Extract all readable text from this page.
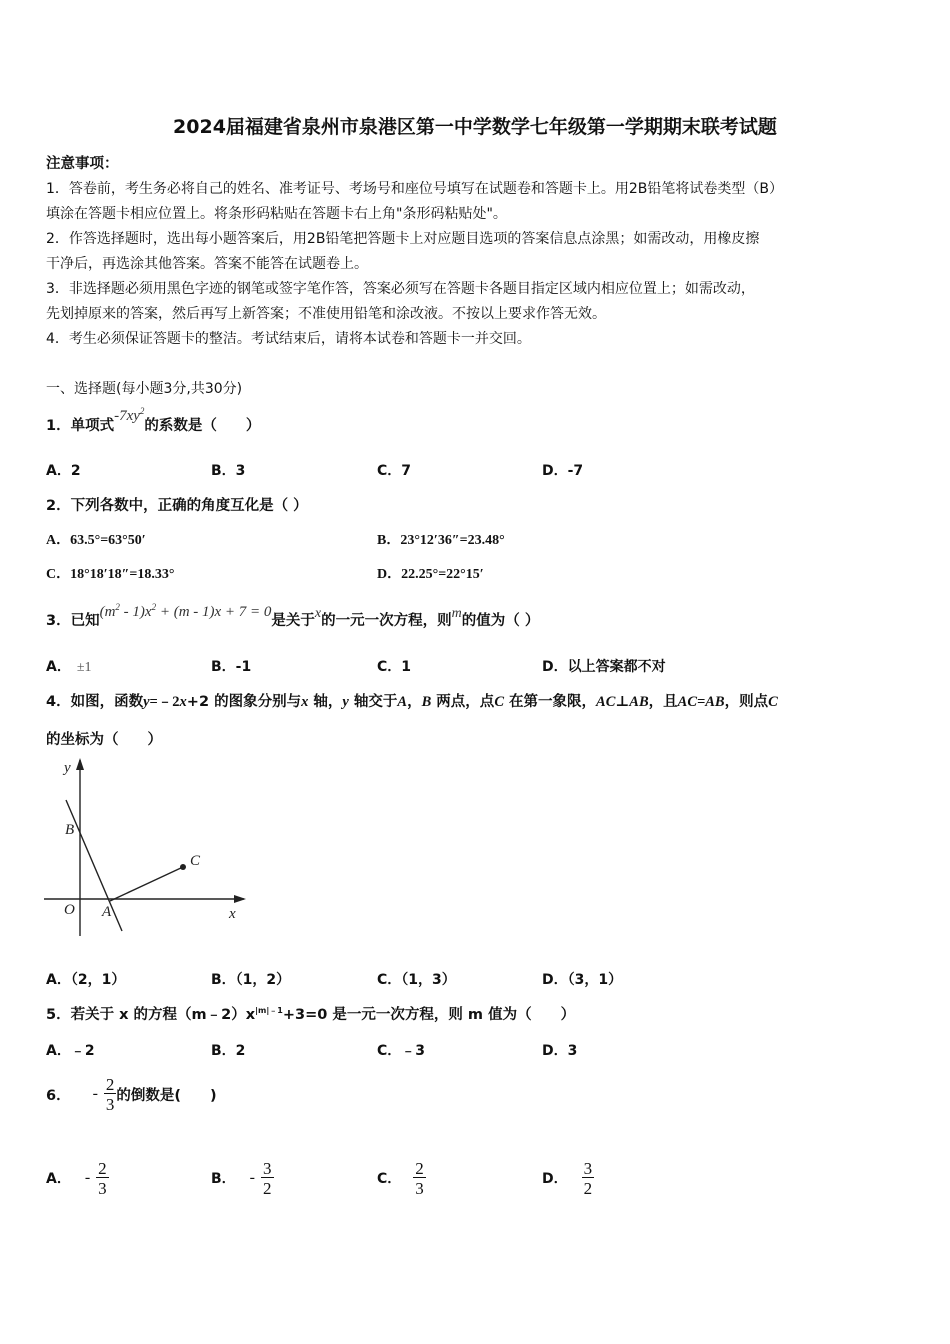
2024届福建省泉州市泉港区第一中学数学七年级第一学期期末联考试题
注意事项：
1．答卷前，考生务必将自己的姓名、准考证号、考场号和座位号填写在试题卷和答题卡上。用2B铅笔将试卷类型（B）
填涂在答题卡相应位置上。将条形码粘贴在答题卡右上角"条形码粘贴处"。
2．作答选择题时，选出每小题答案后，用2B铅笔把答题卡上对应题目选项的答案信息点涂黑；如需改动，用橡皮擦
干净后，再选涂其他答案。答案不能答在试题卷上。
3．非选择题必须用黑色字迹的钢笔或签字笔作答，答案必须写在答题卡各题目指定区域内相应位置上；如需改动，
先划掉原来的答案，然后再写上新答案；不准使用铅笔和涂改液。不按以上要求作答无效。
4．考生必须保证答题卡的整洁。考试结束后，请将本试卷和答题卡一并交回。
一、选择题(每小题3分,共30分)
1．单项式$-7xy^2$的系数是（　　）
A．2	B．3	C．7	D．-7
2．下列各数中，正确的角度互化是（ ）
A．63.5°=63°50′	B．23°12′36″=23.48°
C．18°18′18″=18.33°	D．22.25°=22°15′
3．已知$(m^2 - 1)x^2 + (m - 1)x + 7 = 0$是关于x的一元一次方程，则m的值为（ ）
A． ±1	B．-1	C．1	D．以上答案都不对
4．如图，函数y=﹣2x+2 的图象分别与x 轴，y 轴交于A，B 两点，点C 在第一象限，AC⊥AB，且AC=AB，则点C
的坐标为（　　）
y
x
O A
B
C
A．（2，1）	B．（1，2）	C．（1，3）	D．（3，1）
5．若关于 x 的方程$(m﹣2)x^{|m|﹣1}+3=0$ 是一元一次方程，则 m 值为（　　）
A．﹣2	B．2	C．﹣3	D．3
6． - $\frac{2}{3}$ 的倒数是(　　)
A． - $\frac{2}{3}$	B． - $\frac{3}{2}$	C． $\frac{2}{3}$	D． $\frac{3}{2}$
